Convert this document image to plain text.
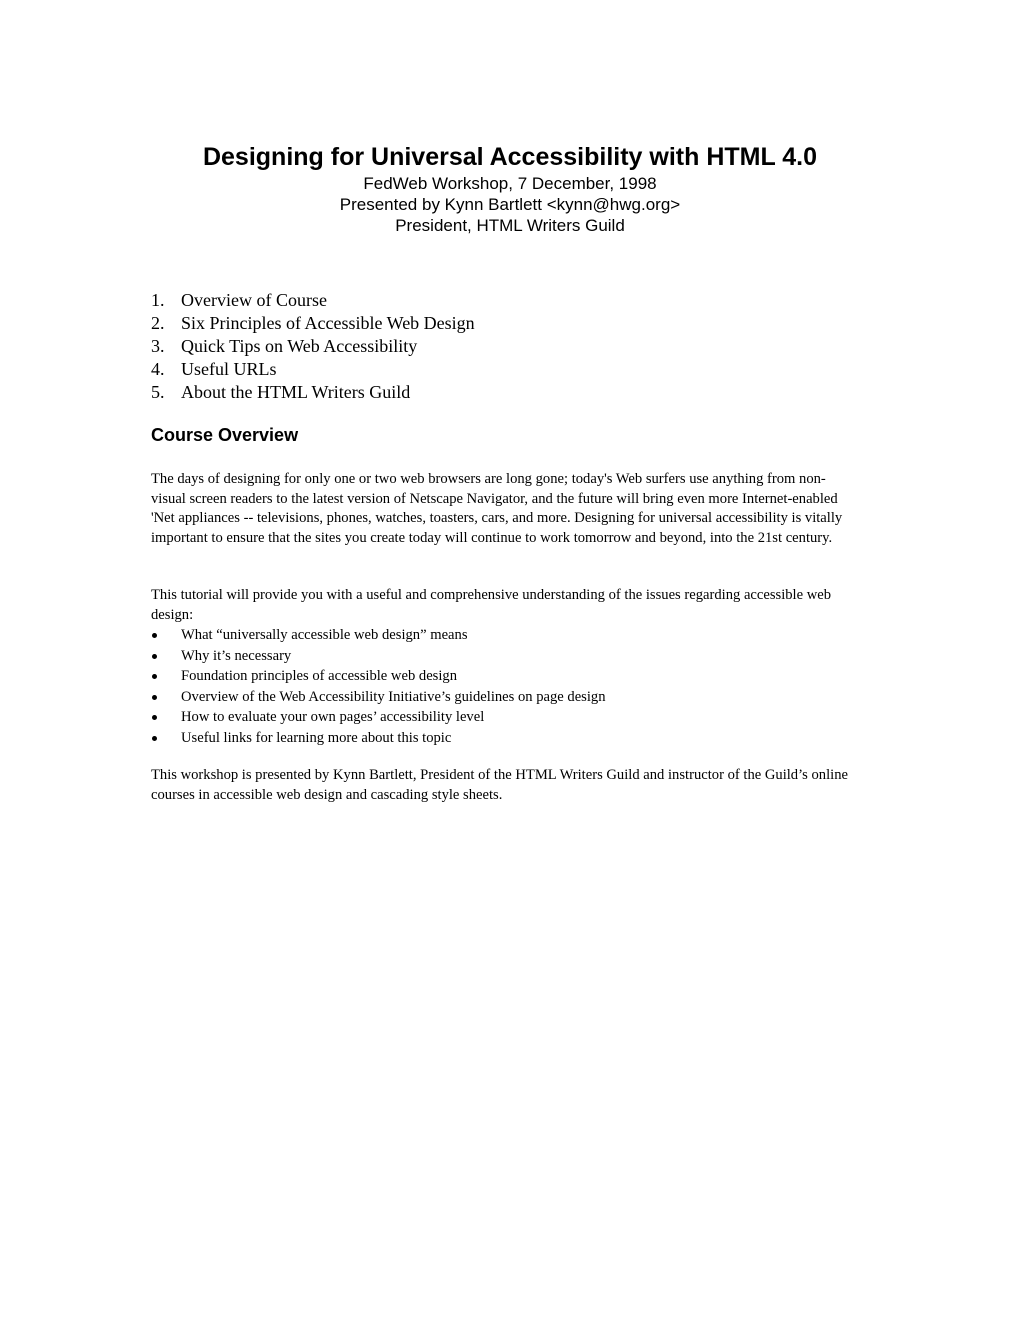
Designing for Universal Accessibility with HTML 4.0

FedWeb Workshop, 7 December, 1998

Presented by Kynn Bartlett <kynn@hwg.org>

President, HTML Writers Guild

1. Overview of Course
2. Six Principles of Accessible Web Design
3. Quick Tips on Web Accessibility
4. Useful URLs
5. About the HTML Writers Guild
Course Overview

The days of designing for only one or two web browsers are long gone; today's Web surfers use anything from non-visual screen readers to the latest version of Netscape Navigator, and the future will bring even more Internet-enabled 'Net appliances -- televisions, phones, watches, toasters, cars, and more. Designing for universal accessibility is vitally important to ensure that the sites you create today will continue to work tomorrow and beyond, into the 21st century.

This tutorial will provide you with a useful and comprehensive understanding of the issues regarding accessible web design:

What “universally accessible web design” means
Why it’s necessary
Foundation principles of accessible web design
Overview of the Web Accessibility Initiative’s guidelines on page design
How to evaluate your own pages’ accessibility level
Useful links for learning more about this topic

This workshop is presented by Kynn Bartlett, President of the HTML Writers Guild and instructor of the Guild’s online courses in accessible web design and cascading style sheets.
